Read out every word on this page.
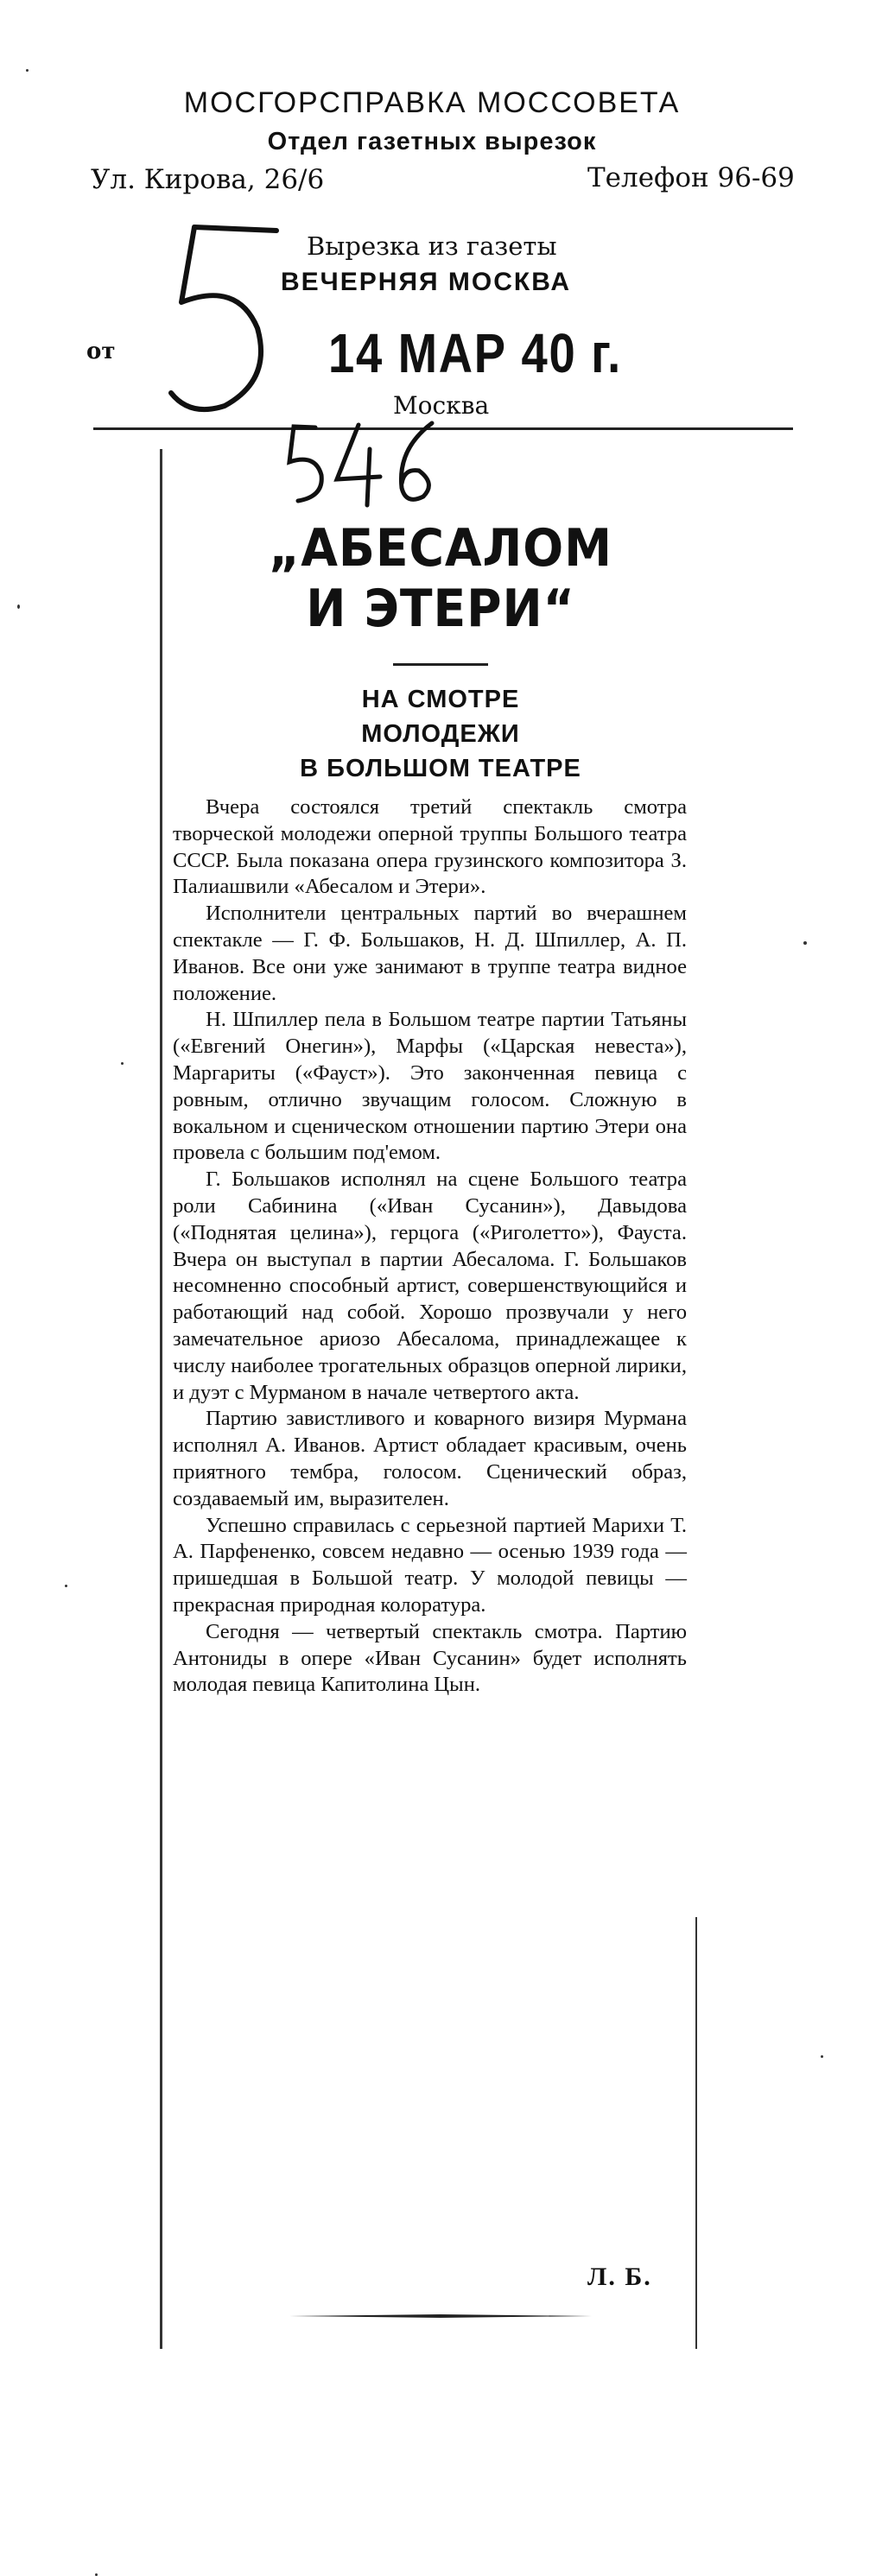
МОСГОРСПРАВКА МОССОВЕТА
Отдел газетных вырезок
Ул. Кирова, 26/6	Телефон 96-69
Вырезка из газеты
ВЕЧЕРНЯЯ МОСКВА
от	14 МАР 40 г.
Москва
„АБЕСАЛОМ
И ЭТЕРИ“
НА СМОТРЕ
МОЛОДЕЖИ
В БОЛЬШОМ ТЕАТРЕ

Вчера состоялся третий спектакль смотра творческой молодежи оперной труппы Большого театра СССР. Была показана опера грузинского композитора З. Палиашвили «Абесалом и Этери».

Исполнители центральных партий во вчерашнем спектакле — Г. Ф. Большаков, Н. Д. Шпиллер, А. П. Иванов. Все они уже занимают в труппе театра видное положение.

Н. Шпиллер пела в Большом театре партии Татьяны («Евгений Онегин»), Марфы («Царская невеста»), Маргариты («Фауст»). Это законченная певица с ровным, отлично звучащим голосом. Сложную в вокальном и сценическом отношении партию Этери она провела с большим под'емом.

Г. Большаков исполнял на сцене Большого театра роли Сабинина («Иван Сусанин»), Давыдова («Поднятая целина»), герцога («Риголетто»), Фауста. Вчера он выступал в партии Абесалома. Г. Большаков несомненно способный артист, совершенствующийся и работающий над собой. Хорошо прозвучали у него замечательное ариозо Абесалома, принадлежащее к числу наиболее трогательных образцов оперной лирики, и дуэт с Мурманом в начале четвертого акта.

Партию завистливого и коварного визиря Мурмана исполнял А. Иванов. Артист обладает красивым, очень приятного тембра, голосом. Сценический образ, создаваемый им, выразителен.

Успешно справилась с серьезной партией Марихи Т. А. Парфененко, совсем недавно — осенью 1939 года — пришедшая в Большой театр. У молодой певицы — прекрасная природная колоратура.

Сегодня — четвертый спектакль смотра. Партию Антониды в опере «Иван Сусанин» будет исполнять молодая певица Капитолина Цын.

Л. Б.
